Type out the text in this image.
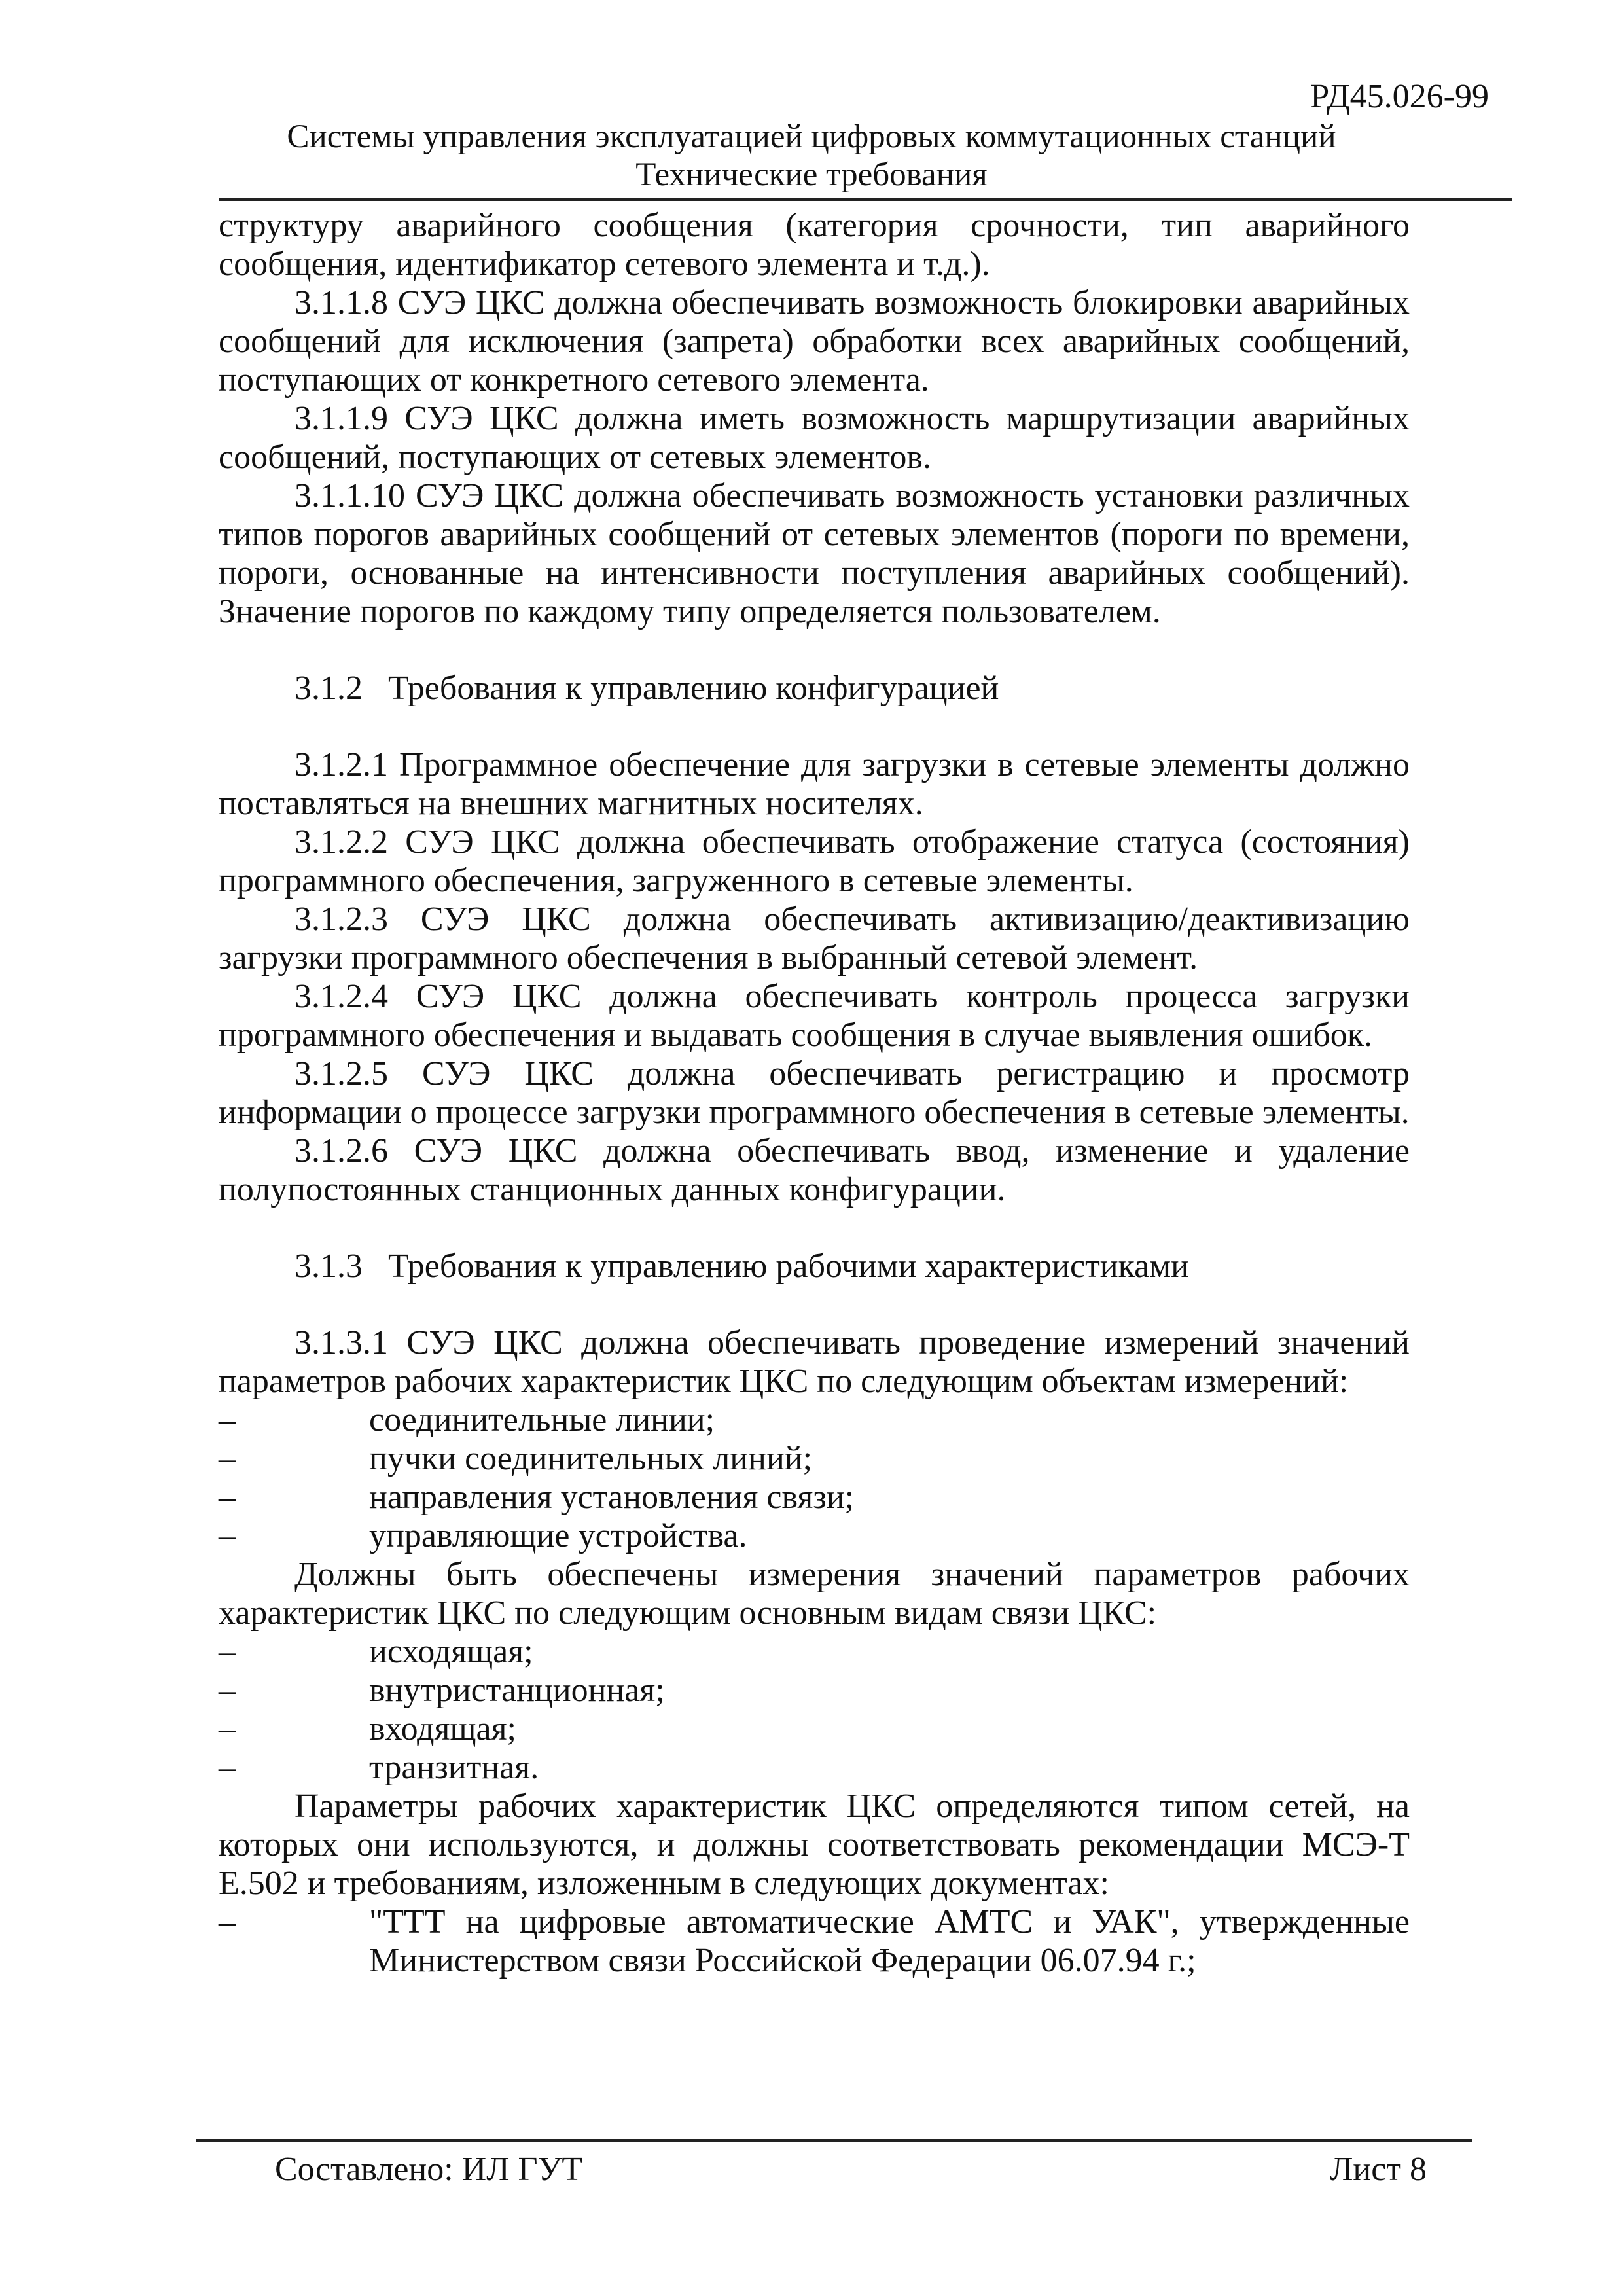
РД45.026-99
Системы управления эксплуатацией цифровых коммутационных станций
Технические требования

структуру аварийного сообщения (категория срочности, тип аварийного сообщения, идентификатор сетевого элемента и т.д.).

3.1.1.8 СУЭ ЦКС должна обеспечивать возможность блокировки аварийных сообщений для исключения (запрета) обработки всех аварийных сообщений, поступающих от конкретного сетевого элемента.

3.1.1.9 СУЭ ЦКС должна иметь возможность маршрутизации аварийных сообщений, поступающих от сетевых элементов.

3.1.1.10 СУЭ ЦКС должна обеспечивать возможность установки различных типов порогов аварийных сообщений от сетевых элементов (пороги по времени, пороги, основанные на интенсивности поступления аварийных сообщений). Значение порогов по каждому типу определяется пользователем.

3.1.2   Требования к управлению конфигурацией

3.1.2.1 Программное обеспечение для загрузки в сетевые элементы должно поставляться на внешних магнитных носителях.

3.1.2.2 СУЭ ЦКС должна обеспечивать отображение статуса (состояния) программного обеспечения, загруженного в сетевые элементы.

3.1.2.3 СУЭ ЦКС должна обеспечивать активизацию/деактивизацию загрузки программного обеспечения в выбранный сетевой элемент.

3.1.2.4 СУЭ ЦКС должна обеспечивать контроль процесса загрузки программного обеспечения и выдавать сообщения в случае выявления ошибок.

3.1.2.5 СУЭ ЦКС должна обеспечивать регистрацию и просмотр информации о процессе загрузки программного обеспечения в сетевые элементы.

3.1.2.6 СУЭ ЦКС должна обеспечивать ввод, изменение и удаление полупостоянных станционных данных конфигурации.

3.1.3   Требования к управлению рабочими характеристиками

3.1.3.1 СУЭ ЦКС должна обеспечивать проведение измерений значений параметров рабочих характеристик ЦКС по следующим объектам измерений:

–	соединительные линии;
–	пучки соединительных линий;
–	направления установления связи;
–	управляющие устройства.

Должны быть обеспечены измерения значений параметров рабочих характеристик ЦКС по следующим основным видам связи ЦКС:

–	исходящая;
–	внутристанционная;
–	входящая;
–	транзитная.

Параметры рабочих характеристик ЦКС определяются типом сетей, на которых они используются, и должны соответствовать рекомендации МСЭ-Т Е.502 и требованиям, изложенным в следующих документах:

–	"ТТТ на цифровые автоматические АМТС и УАК", утвержденные Министерством связи Российской Федерации 06.07.94 г.;
Составлено: ИЛ ГУТ	Лист 8
